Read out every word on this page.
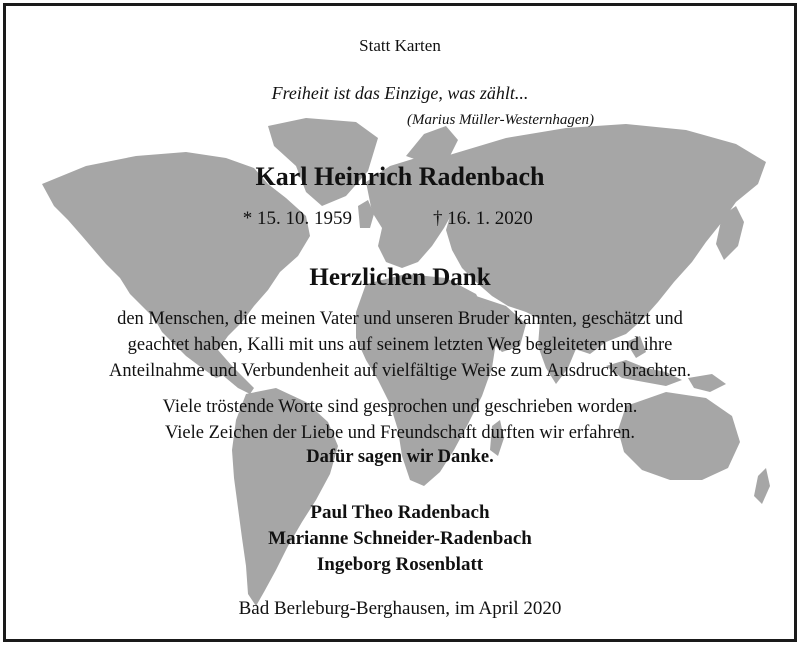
Statt Karten
Freiheit ist das Einzige, was zählt...
(Marius Müller-Westernhagen)
Karl Heinrich Radenbach
* 15. 10. 1959	† 16. 1. 2020
Herzlichen Dank
den Menschen, die meinen Vater und unseren Bruder kannten, geschätzt und
geachtet haben, Kalli mit uns auf seinem letzten Weg begleiteten und ihre
Anteilnahme und Verbundenheit auf vielfältige Weise zum Ausdruck brachten.
Viele tröstende Worte sind gesprochen und geschrieben worden.
Viele Zeichen der Liebe und Freundschaft durften wir erfahren.
Dafür sagen wir Danke.
Paul Theo Radenbach
Marianne Schneider-Radenbach
Ingeborg Rosenblatt
Bad Berleburg-Berghausen, im April 2020
